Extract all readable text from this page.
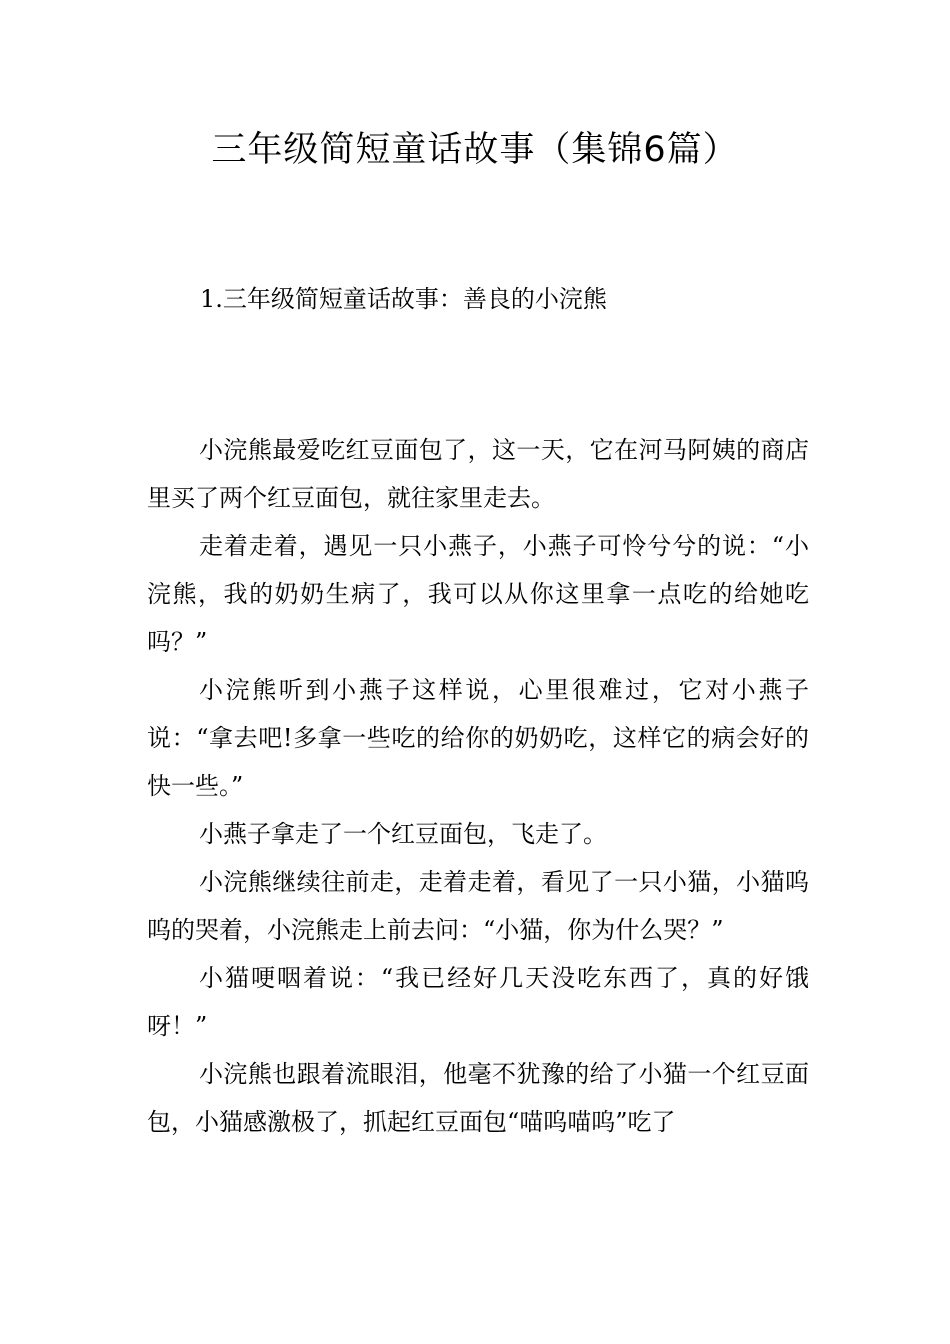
三年级简短童话故事（集锦6篇）
1.三年级简短童话故事：善良的小浣熊

小浣熊最爱吃红豆面包了，这一天，它在河马阿姨的商店里买了两个红豆面包，就往家里走去。

走着走着，遇见一只小燕子，小燕子可怜兮兮的说：“小浣熊，我的奶奶生病了，我可以从你这里拿一点吃的给她吃吗？”

小浣熊听到小燕子这样说，心里很难过，它对小燕子说：“拿去吧!多拿一些吃的给你的奶奶吃，这样它的病会好的快一些。”

小燕子拿走了一个红豆面包，飞走了。

小浣熊继续往前走，走着走着，看见了一只小猫，小猫呜呜的哭着，小浣熊走上前去问：“小猫，你为什么哭？”

小猫哽咽着说：“我已经好几天没吃东西了，真的好饿呀！”

小浣熊也跟着流眼泪，他毫不犹豫的给了小猫一个红豆面包，小猫感激极了，抓起红豆面包“喵呜喵呜”吃了
